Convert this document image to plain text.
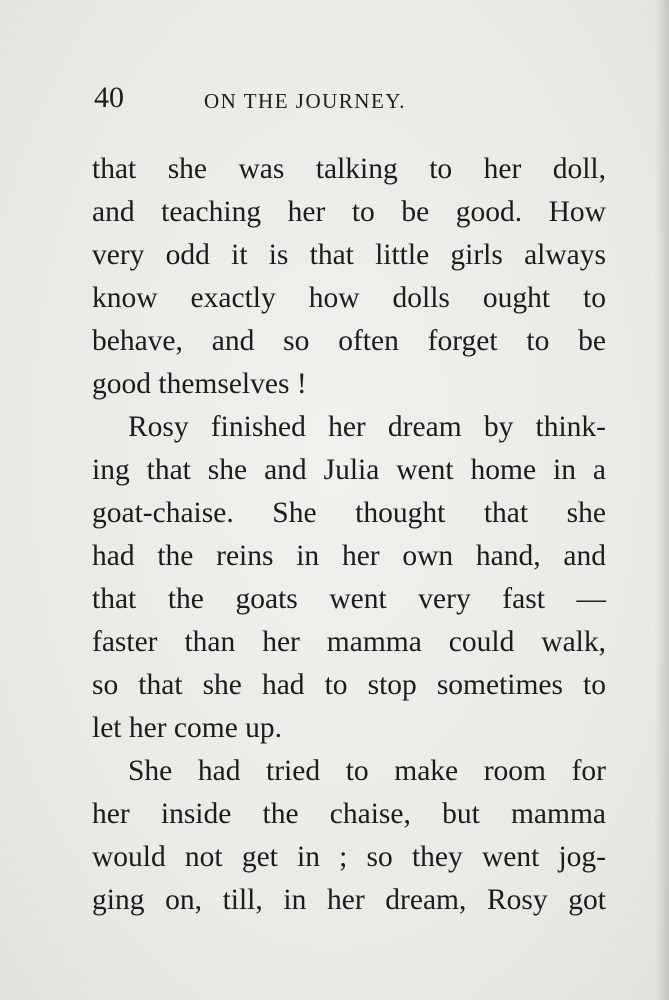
40	ON THE JOURNEY.
that she was talking to her doll,
and teaching her to be good. How
very odd it is that little girls always
know exactly how dolls ought to
behave, and so often forget to be
good themselves !
Rosy finished her dream by think-
ing that she and Julia went home in a
goat-chaise. She thought that she
had the reins in her own hand, and
that the goats went very fast —
faster than her mamma could walk,
so that she had to stop sometimes to
let her come up.
She had tried to make room for
her inside the chaise, but mamma
would not get in ; so they went jog-
ging on, till, in her dream, Rosy got
